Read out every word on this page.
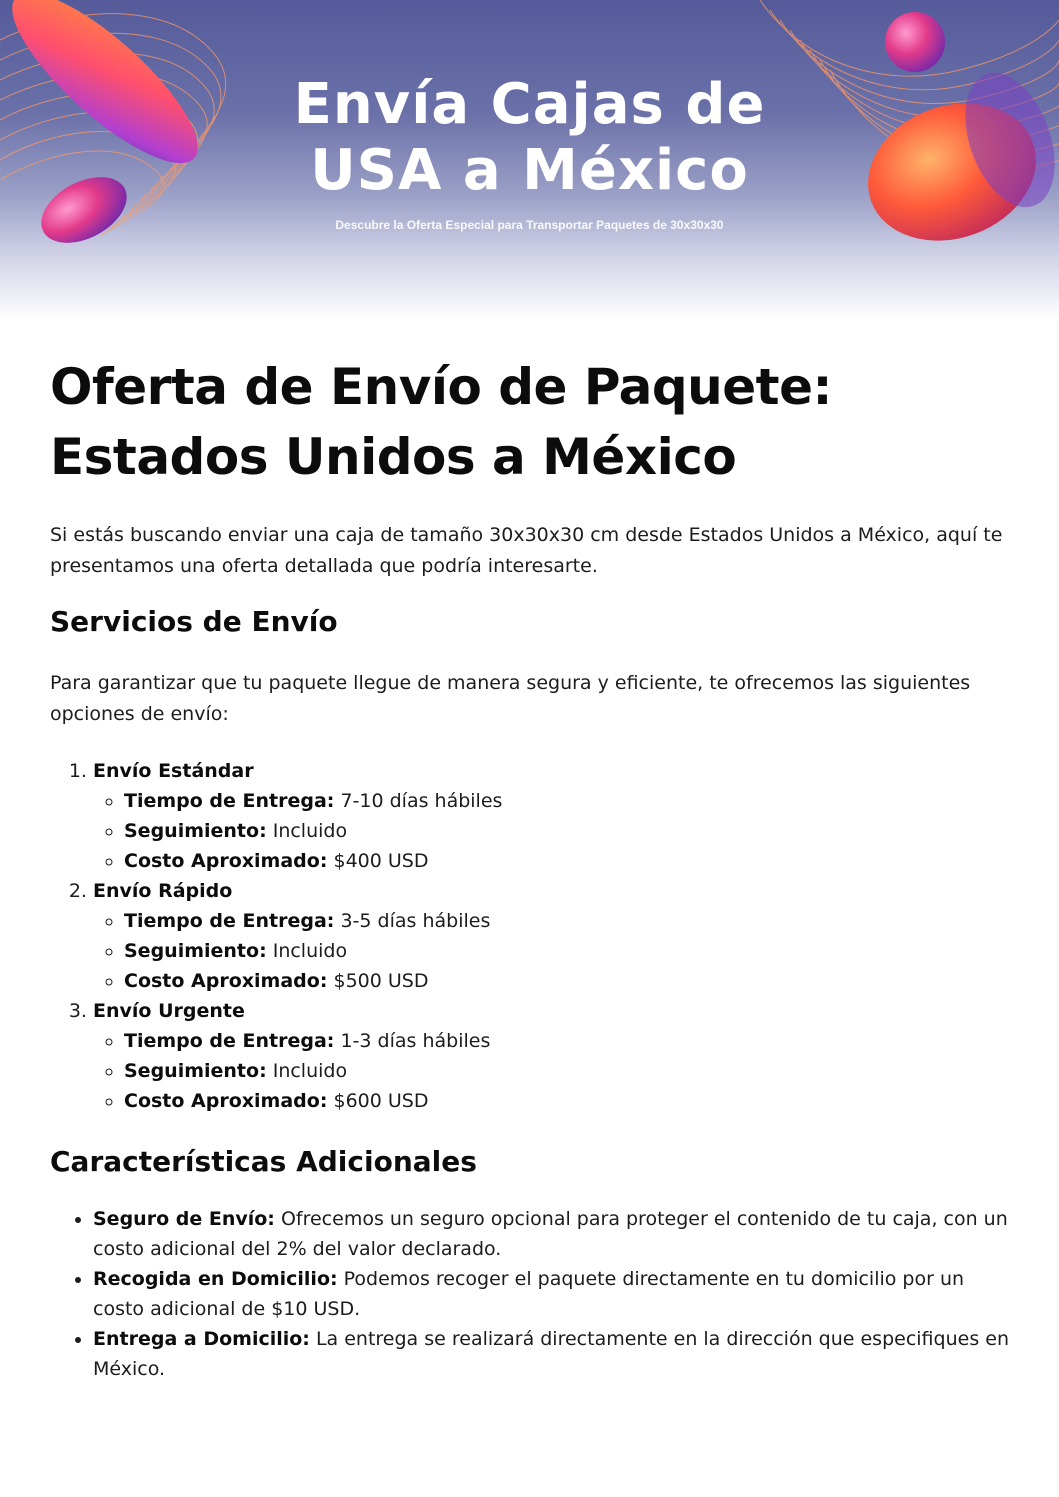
Envía Cajas de
USA a México
Descubre la Oferta Especial para Transportar Paquetes de 30x30x30
Oferta de Envío de Paquete:
Estados Unidos a México

Si estás buscando enviar una caja de tamaño 30x30x30 cm desde Estados Unidos a México, aquí te presentamos una oferta detallada que podría interesarte.

Servicios de Envío

Para garantizar que tu paquete llegue de manera segura y eficiente, te ofrecemos las siguientes opciones de envío:

1. Envío Estándar
◦ Tiempo de Entrega: 7-10 días hábiles
◦ Seguimiento: Incluido
◦ Costo Aproximado: $400 USD
2. Envío Rápido
◦ Tiempo de Entrega: 3-5 días hábiles
◦ Seguimiento: Incluido
◦ Costo Aproximado: $500 USD
3. Envío Urgente
◦ Tiempo de Entrega: 1-3 días hábiles
◦ Seguimiento: Incluido
◦ Costo Aproximado: $600 USD
Características Adicionales
• Seguro de Envío: Ofrecemos un seguro opcional para proteger el contenido de tu caja, con un costo adicional del 2% del valor declarado.
• Recogida en Domicilio: Podemos recoger el paquete directamente en tu domicilio por un costo adicional de $10 USD.
• Entrega a Domicilio: La entrega se realizará directamente en la dirección que especifiques en México.
